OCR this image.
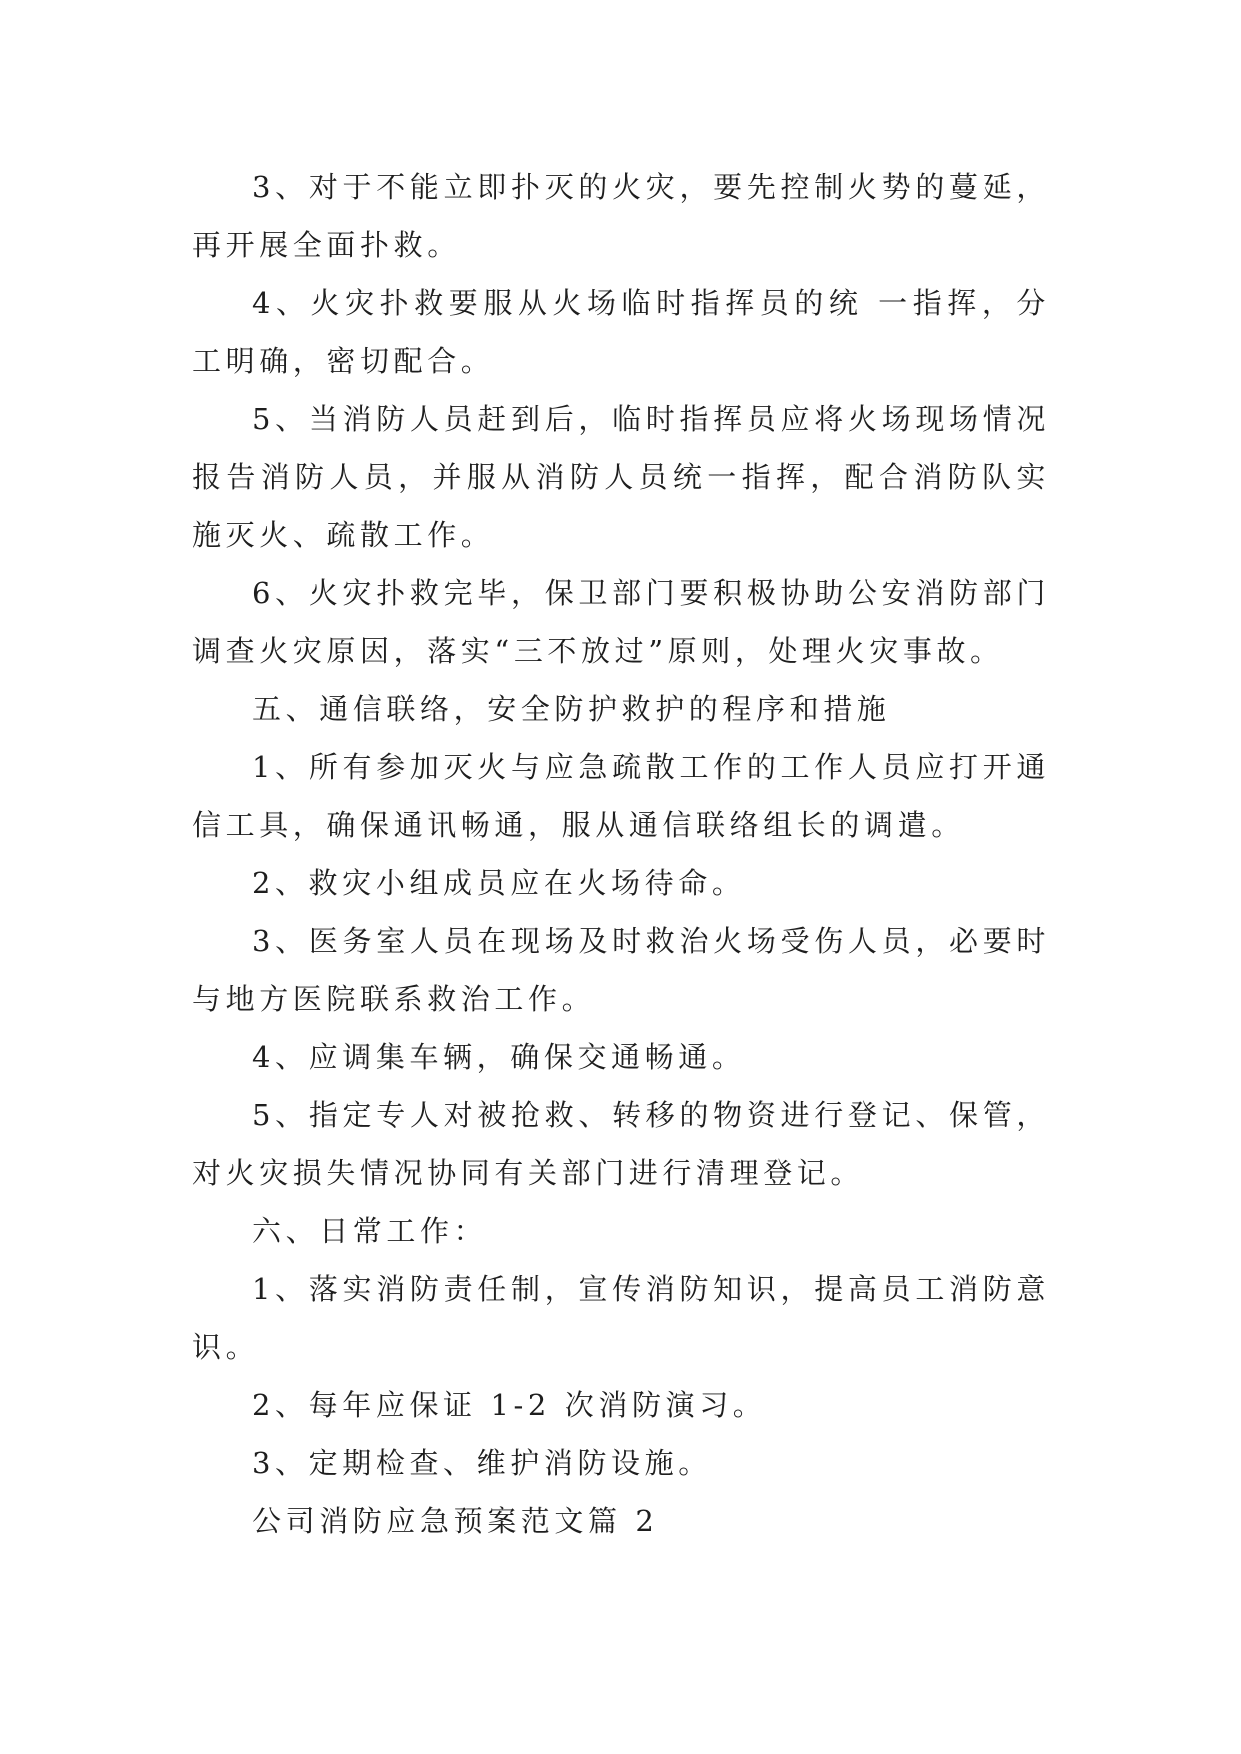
3、对于不能立即扑灭的火灾，要先控制火势的蔓延，再开展全面扑救。

4、火灾扑救要服从火场临时指挥员的统 一指挥，分工明确，密切配合。

5、当消防人员赶到后，临时指挥员应将火场现场情况报告消防人员，并服从消防人员统一指挥，配合消防队实施灭火、疏散工作。

6、火灾扑救完毕，保卫部门要积极协助公安消防部门调查火灾原因，落实“三不放过”原则，处理火灾事故。

五、通信联络，安全防护救护的程序和措施

1、所有参加灭火与应急疏散工作的工作人员应打开通信工具，确保通讯畅通，服从通信联络组长的调遣。

2、救灾小组成员应在火场待命。

3、医务室人员在现场及时救治火场受伤人员，必要时与地方医院联系救治工作。

4、应调集车辆，确保交通畅通。

5、指定专人对被抢救、转移的物资进行登记、保管，对火灾损失情况协同有关部门进行清理登记。

六、日常工作：

1、落实消防责任制，宣传消防知识，提高员工消防意识。

2、每年应保证 1-2 次消防演习。

3、定期检查、维护消防设施。

公司消防应急预案范文篇 2
